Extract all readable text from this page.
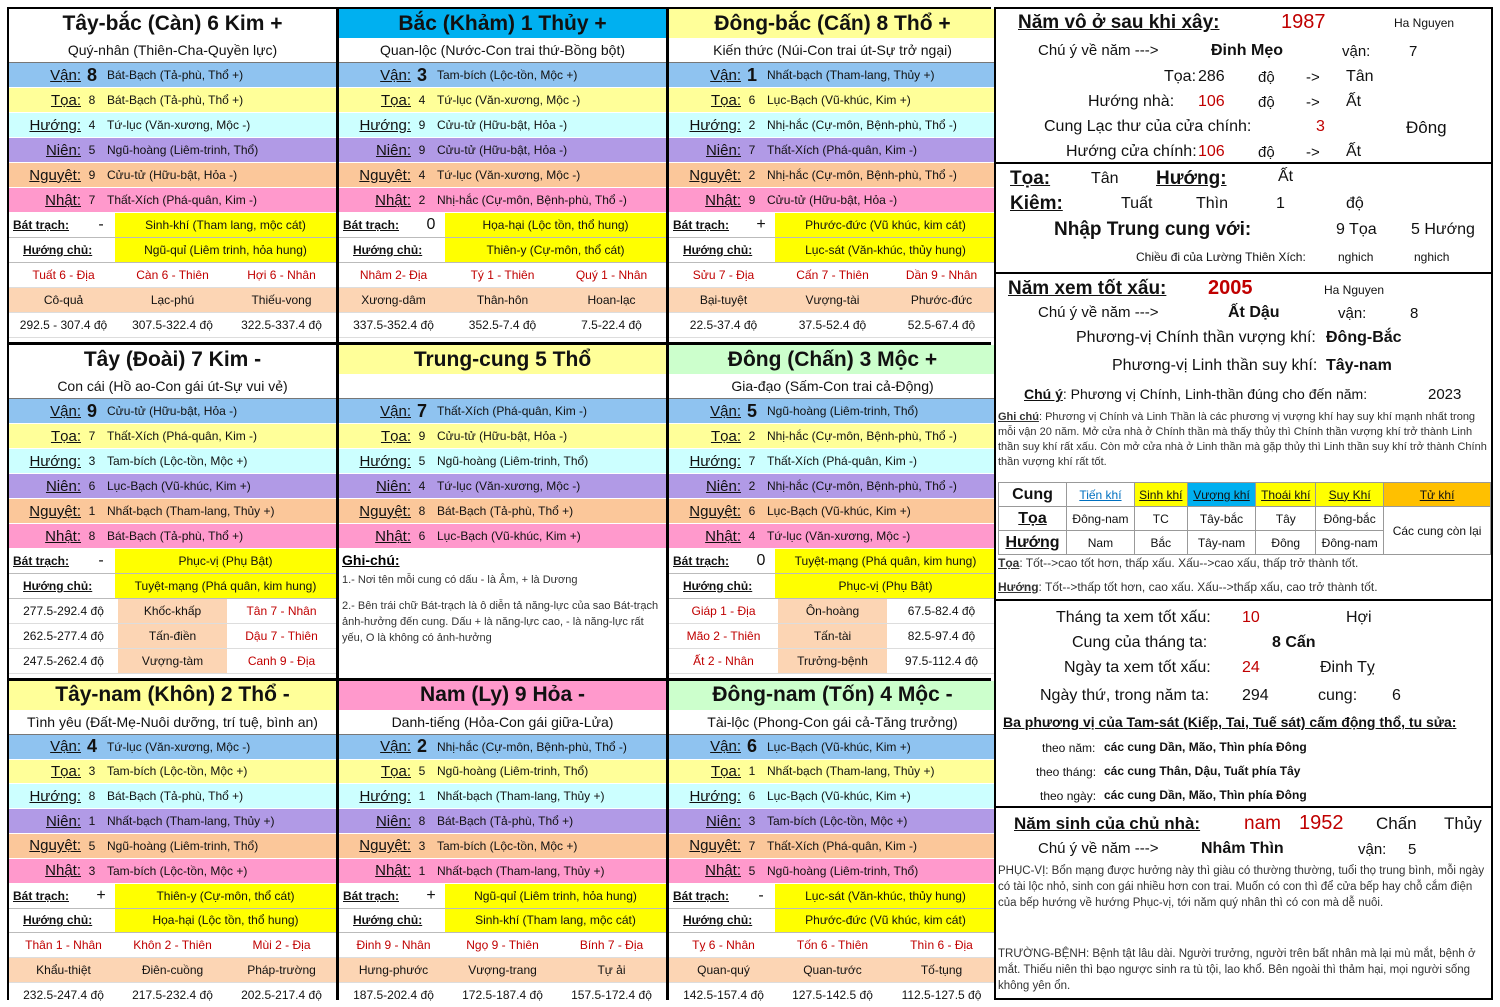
Tây-bắc (Càn) 6 Kim +
Quý-nhân (Thiên-Cha-Quyền lực)
Vận: 8 Bát-Bạch (Tả-phù, Thổ +)
Tọa: 8 Bát-Bạch (Tả-phù, Thổ +)
Hướng: 4 Tứ-lục (Văn-xương, Mộc -)
Niên: 5 Ngũ-hoàng (Liêm-trinh, Thổ)
Nguyệt: 9 Cửu-tử (Hữu-bật, Hỏa -)
Nhật: 7 Thất-Xích (Phá-quân, Kim -)
Bát trạch:	-	Sinh-khí (Tham lang, mộc cát)
Hướng chủ:	Ngũ-quỉ (Liêm trinh, hỏa hung)
Tuất 6 - Địa	Càn 6 - Thiên	Hợi 6 - Nhân
Cô-quả	Lạc-phú	Thiếu-vong
292.5 - 307.4 độ	307.5-322.4 độ	322.5-337.4 độ
Bắc (Khảm) 1 Thủy +
Quan-lộc (Nước-Con trai thứ-Bồng bột)
Vận: 3 Tam-bích (Lộc-tồn, Mộc +)
Tọa: 4 Tứ-lục (Văn-xương, Mộc -)
Hướng: 9 Cửu-tử (Hữu-bật, Hỏa -)
Niên: 9 Cửu-tử (Hữu-bật, Hỏa -)
Nguyệt: 4 Tứ-lục (Văn-xương, Mộc -)
Nhật: 2 Nhị-hắc (Cự-môn, Bệnh-phù, Thổ -)
Bát trạch:	0	Họa-hại (Lộc tồn, thổ hung)
Hướng chủ:	Thiên-y (Cự-môn, thổ cát)
Nhâm 2- Địa	Tý 1 - Thiên	Quý 1 - Nhân
Xương-dâm	Thân-hôn	Hoan-lạc
337.5-352.4 độ	352.5-7.4 độ	7.5-22.4 độ
Đông-bắc (Cấn) 8 Thổ +
Kiến thức (Núi-Con trai út-Sự trở ngại)
Vận: 1 Nhất-bạch (Tham-lang, Thủy +)
Tọa: 6 Lục-Bạch (Vũ-khúc, Kim +)
Hướng: 2 Nhị-hắc (Cự-môn, Bệnh-phù, Thổ -)
Niên: 7 Thất-Xích (Phá-quân, Kim -)
Nguyệt: 2 Nhị-hắc (Cự-môn, Bệnh-phù, Thổ -)
Nhật: 9 Cửu-tử (Hữu-bật, Hỏa -)
Bát trạch:	+	Phước-đức (Vũ khúc, kim cát)
Hướng chủ:	Lục-sát (Văn-khúc, thủy hung)
Sửu 7 - Địa	Cấn 7 - Thiên	Dần 9 - Nhân
Bại-tuyệt	Vượng-tài	Phước-đức
22.5-37.4 độ	37.5-52.4 độ	52.5-67.4 độ
Tây (Đoài) 7 Kim -
Con cái (Hồ ao-Con gái út-Sự vui vẻ)
Vận: 9 Cửu-tử (Hữu-bật, Hỏa -)
Tọa: 7 Thất-Xích (Phá-quân, Kim -)
Hướng: 3 Tam-bích (Lộc-tồn, Mộc +)
Niên: 6 Lục-Bạch (Vũ-khúc, Kim +)
Nguyệt: 1 Nhất-bạch (Tham-lang, Thủy +)
Nhật: 8 Bát-Bạch (Tả-phù, Thổ +)
Bát trạch:	-	Phục-vị (Phụ Bật)
Hướng chủ:	Tuyệt-mạng (Phá quân, kim hung)
277.5-292.4 độ	Khốc-khấp	Tân 7 - Nhân
262.5-277.4 độ	Tấn-điền	Dậu 7 - Thiên
247.5-262.4 độ	Vượng-tàm	Canh 9 - Địa
Trung-cung 5 Thổ
Vận: 7 Thất-Xích (Phá-quân, Kim -)
Tọa: 9 Cửu-tử (Hữu-bật, Hỏa -)
Hướng: 5 Ngũ-hoàng (Liêm-trinh, Thổ)
Niên: 4 Tứ-lục (Văn-xương, Mộc -)
Nguyệt: 8 Bát-Bạch (Tả-phù, Thổ +)
Nhật: 6 Lục-Bạch (Vũ-khúc, Kim +)
Ghi-chú:
1.- Nơi tên mỗi cung có dấu - là Âm, + là Dương
2.- Bên trái chữ Bát-trạch là ô diễn tả năng-lực của sao Bát-trạch ảnh-hưởng đến cung. Dấu + là năng-lực cao, - là năng-lực rất yếu, O là không có ảnh-hưởng
Đông (Chấn) 3 Mộc +
Gia-đạo (Sấm-Con trai cả-Động)
Vận: 5 Ngũ-hoàng (Liêm-trinh, Thổ)
Tọa: 2 Nhị-hắc (Cự-môn, Bệnh-phù, Thổ -)
Hướng: 7 Thất-Xích (Phá-quân, Kim -)
Niên: 2 Nhị-hắc (Cự-môn, Bệnh-phù, Thổ -)
Nguyệt: 6 Lục-Bạch (Vũ-khúc, Kim +)
Nhật: 4 Tứ-lục (Văn-xương, Mộc -)
Bát trạch:	0	Tuyệt-mạng (Phá quân, kim hung)
Hướng chủ:	Phục-vị (Phụ Bật)
Giáp 1 - Địa	Ôn-hoàng	67.5-82.4 độ
Mão 2 - Thiên	Tấn-tài	82.5-97.4 độ
Ất 2 - Nhân	Trưởng-bệnh	97.5-112.4 độ
Tây-nam (Khôn) 2 Thổ -
Tình yêu (Đất-Mẹ-Nuôi dưỡng, trí tuệ, bình an)
Vận: 4 Tứ-lục (Văn-xương, Mộc -)
Tọa: 3 Tam-bích (Lộc-tồn, Mộc +)
Hướng: 8 Bát-Bạch (Tả-phù, Thổ +)
Niên: 1 Nhất-bạch (Tham-lang, Thủy +)
Nguyệt: 5 Ngũ-hoàng (Liêm-trinh, Thổ)
Nhật: 3 Tam-bích (Lộc-tồn, Mộc +)
Bát trạch:	+	Thiên-y (Cự-môn, thổ cát)
Hướng chủ:	Họa-hại (Lộc tồn, thổ hung)
Thân 1 - Nhân	Khôn 2 - Thiên	Mùi 2 - Địa
Khẩu-thiệt	Điên-cuồng	Pháp-trường
232.5-247.4 độ	217.5-232.4 độ	202.5-217.4 độ
Nam (Ly) 9 Hỏa -
Danh-tiếng (Hỏa-Con gái giữa-Lửa)
Vận: 2 Nhị-hắc (Cự-môn, Bệnh-phù, Thổ -)
Tọa: 5 Ngũ-hoàng (Liêm-trinh, Thổ)
Hướng: 1 Nhất-bạch (Tham-lang, Thủy +)
Niên: 8 Bát-Bạch (Tả-phù, Thổ +)
Nguyệt: 3 Tam-bích (Lộc-tồn, Mộc +)
Nhật: 1 Nhất-bạch (Tham-lang, Thủy +)
Bát trạch:	+	Ngũ-quỉ (Liêm trinh, hỏa hung)
Hướng chủ:	Sinh-khí (Tham lang, mộc cát)
Đinh 9 - Nhân	Ngọ 9 - Thiên	Bính 7 - Địa
Hưng-phước	Vượng-trang	Tự ải
187.5-202.4 độ	172.5-187.4 độ	157.5-172.4 độ
Đông-nam (Tốn) 4 Mộc -
Tài-lộc (Phong-Con gái cả-Tăng trưởng)
Vận: 6 Lục-Bạch (Vũ-khúc, Kim +)
Tọa: 1 Nhất-bạch (Tham-lang, Thủy +)
Hướng: 6 Lục-Bạch (Vũ-khúc, Kim +)
Niên: 3 Tam-bích (Lộc-tồn, Mộc +)
Nguyệt: 7 Thất-Xích (Phá-quân, Kim -)
Nhật: 5 Ngũ-hoàng (Liêm-trinh, Thổ)
Bát trạch:	-	Lục-sát (Văn-khúc, thủy hung)
Hướng chủ:	Phước-đức (Vũ khúc, kim cát)
Tỵ 6 - Nhân	Tốn 6 - Thiên	Thìn 6 - Địa
Quan-quý	Quan-tước	Tố-tụng
142.5-157.4 độ	127.5-142.5 độ	112.5-127.5 độ
Năm vô ở sau khi xây:	1987	Ha Nguyen
Chú ý về năm --->	Đinh Mẹo	vận:	7
Tọa: 286 độ -> Tân
Hướng nhà: 106 độ -> Ất
Cung Lạc thư của cửa chính:	3	Đông
Hướng cửa chính: 106 độ -> Ất
Tọa:	Tân Hướng:	Ất
Kiêm:	Tuất	Thìn	1	độ
Nhập Trung cung với:	9 Tọa 5 Hướng
Chiều đi của Lường Thiên Xích:	nghich	nghich
Năm xem tốt xấu: 2005	Ha Nguyen
Chú ý về năm --->	Ất Dậu	vận:	8
Phương-vị Chính thần vượng khí: Đông-Bắc
Phương-vị Linh thần suy khí: Tây-nam
Chú ý: Phương vị Chính, Linh-thần đúng cho đến năm:	2023
Ghi chú: Phương vị Chính và Linh Thần là các phương vị vượng khí hay suy khí mạnh nhất trong mỗi vận 20 năm. Mở cửa nhà ở Chính thần mà thấy thủy thì Chính thần vượng khí trở thành Linh thần suy khí rất xấu. Còn mở cửa nhà ở Linh thần mà gặp thủy thì Linh thần suy khí trở thành Chính thần vượng khí rất tốt.
Cung	Tiến khí	Sinh khí	Vượng khí	Thoái khí	Suy Khí	Tử khí
Tọa	Đông-nam	TC	Tây-bắc	Tây	Đông-bắc	Các cung còn lại
Hướng	Nam	Bắc	Tây-nam	Đông	Đông-nam	
Tọa: Tốt-->cao tốt hơn, thấp xấu. Xấu-->cao xấu, thấp trở thành tốt.
Hướng: Tốt-->thấp tốt hơn, cao xấu. Xấu-->thấp xấu, cao trở thành tốt.
Tháng ta xem tốt xấu: 10	Hợi
Cung của tháng ta:	8 Cấn
Ngày ta xem tốt xấu: 24	Đinh Tỵ
Ngày thứ, trong năm ta: 294	cung: 6
Ba phương vị của Tam-sát (Kiếp, Tai, Tuế sát) cấm động thổ, tu sửa:
theo năm: các cung Dần, Mão, Thìn phía Đông
theo tháng: các cung Thân, Dậu, Tuất phía Tây
theo ngày: các cung Dần, Mão, Thìn phía Đông
Năm sinh của chủ nhà: nam 1952 Chấn Thủy
Chú ý về năm --->	Nhâm Thìn	vận: 5
PHỤC-VỊ: Bổn mạng được hưởng này thì giàu có thường thường, tuổi thọ trung bình, mỗi ngày có tài lộc nhỏ, sinh con gái nhiều hơn con trai. Muốn có con thì để cửa bếp hay chỗ cắm điện của bếp hướng về hướng Phục-vị, tới năm quý nhân thì có con mà dễ nuôi.
TRƯỜNG-BỆNH: Bệnh tật lâu dài. Người trưởng, người trên bất nhân mà lại mù mắt, bệnh ở mắt. Thiếu niên thì bạo ngược sinh ra tù tội, lao khổ. Bên ngoài thì thảm hại, mọi người sống không yên ổn.
